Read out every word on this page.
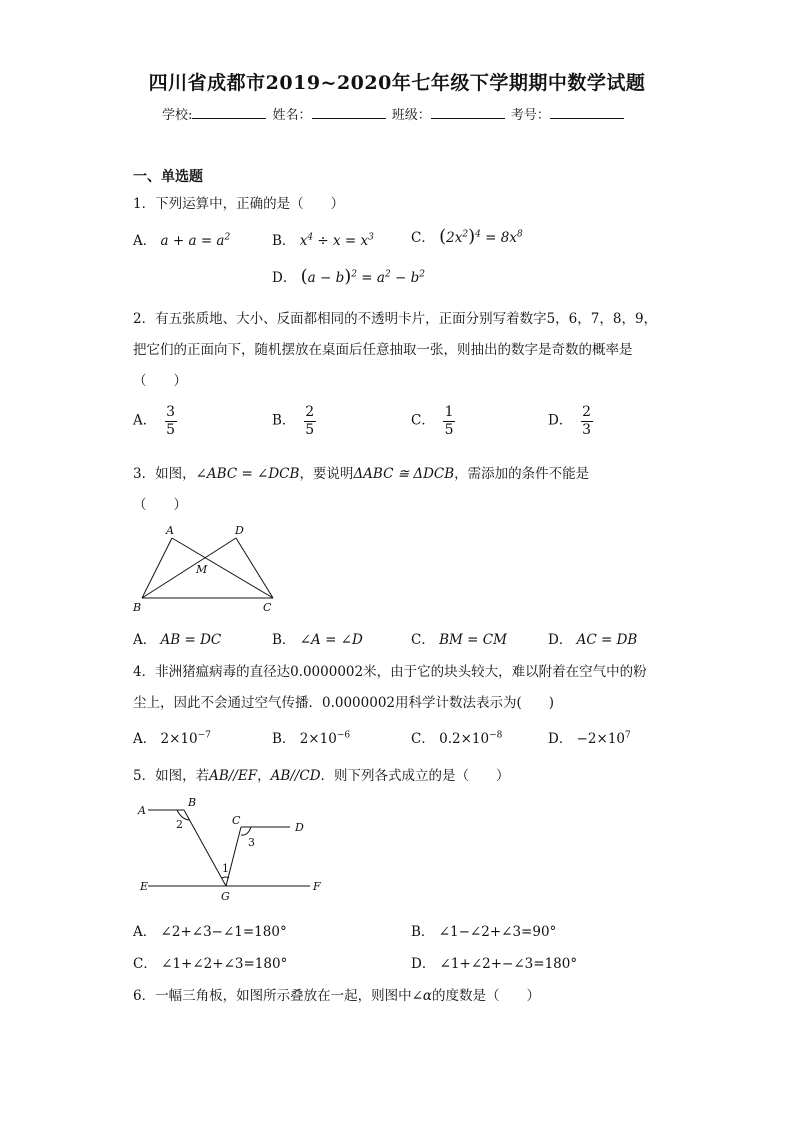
四川省成都市2019~2020年七年级下学期期中数学试题
学校:	姓名：	班级：	考号：
一、单选题
1．下列运算中，正确的是（　　）
A． $a + a = a^2$	B． $x^4 \div x = x^3$	C． $(2x^2)^4 = 8x^8$
D． $(a - b)^2 = a^2 - b^2$
2．有五张质地、大小、反面都相同的不透明卡片，正面分别写着数字5，6，7，8，9，
把它们的正面向下，随机摆放在桌面后任意抽取一张，则抽出的数字是奇数的概率是
（　　）
A． $\frac{3}{5}$	B． $\frac{2}{5}$	C． $\frac{1}{5}$	D． $\frac{2}{3}$
3．如图，∠ABC = ∠DCB，要说明ΔABC ≅ ΔDCB，需添加的条件不能是
（　　）
A	D
M
B	C
A． AB = DC	B． ∠A = ∠D	C． BM = CM	D． AC = DB
4．非洲猪瘟病毒的直径达0.0000002米，由于它的块头较大，难以附着在空气中的粉
尘上，因此不会通过空气传播．0.0000002用科学计数法表示为(　　)
A． $2\times 10^{-7}$	B． $2\times 10^{-6}$	C． $0.2\times 10^{-8}$	D． $-2\times 10^7$
5．如图，若AB//EF，AB//CD．则下列各式成立的是（　　）
A
B
C
D
E	F
G
2
3
1
A． ∠2+∠3−∠1=180°	B． ∠1−∠2+∠3=90°
C． ∠1+∠2+∠3=180°	D． ∠1+∠2+−∠3=180°
6．一幅三角板，如图所示叠放在一起，则图中∠α的度数是（　　）
